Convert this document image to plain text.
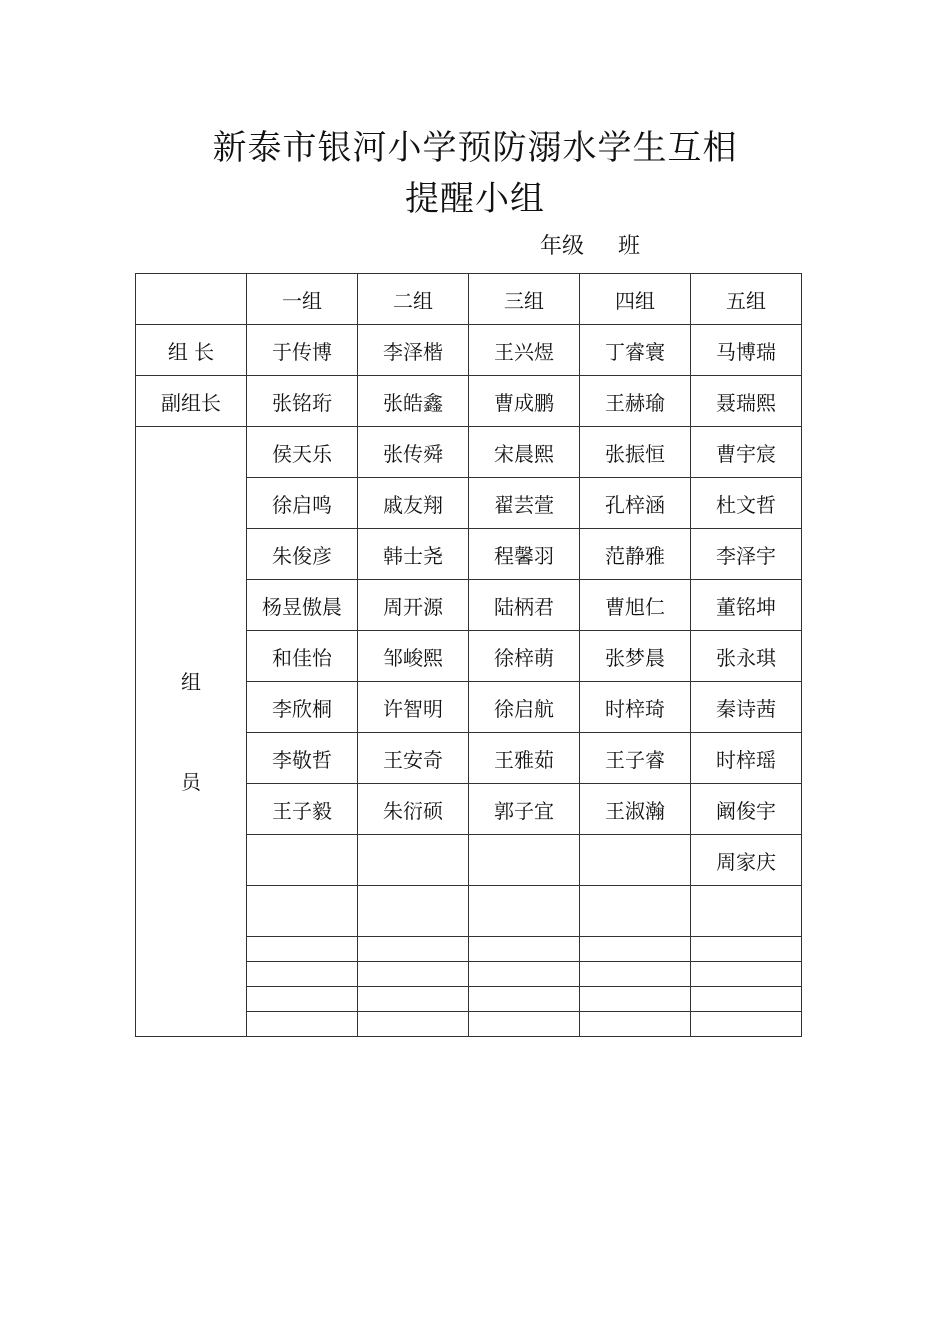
新泰市银河小学预防溺水学生互相
提醒小组
年级 班
	一组	二组	三组	四组	五组
组 长	于传博	李泽楷	王兴煜	丁睿寰	马博瑞
副组长	张铭珩	张皓鑫	曹成鹏	王赫瑜	聂瑞熙

组
员	侯天乐	张传舜	宋晨熙	张振恒	曹宇宸
	徐启鸣	戚友翔	翟芸萱	孔梓涵	杜文哲
	朱俊彦	韩士尧	程馨羽	范静雅	李泽宇
	杨昱傲晨	周开源	陆柄君	曹旭仁	董铭坤
	和佳怡	邹峻熙	徐梓萌	张梦晨	张永琪
	李欣桐	许智明	徐启航	时梓琦	秦诗茜
	李敬哲	王安奇	王雅茹	王子睿	时梓瑶
	王子毅	朱衍硕	郭子宜	王淑瀚	阚俊宇
					周家庆
